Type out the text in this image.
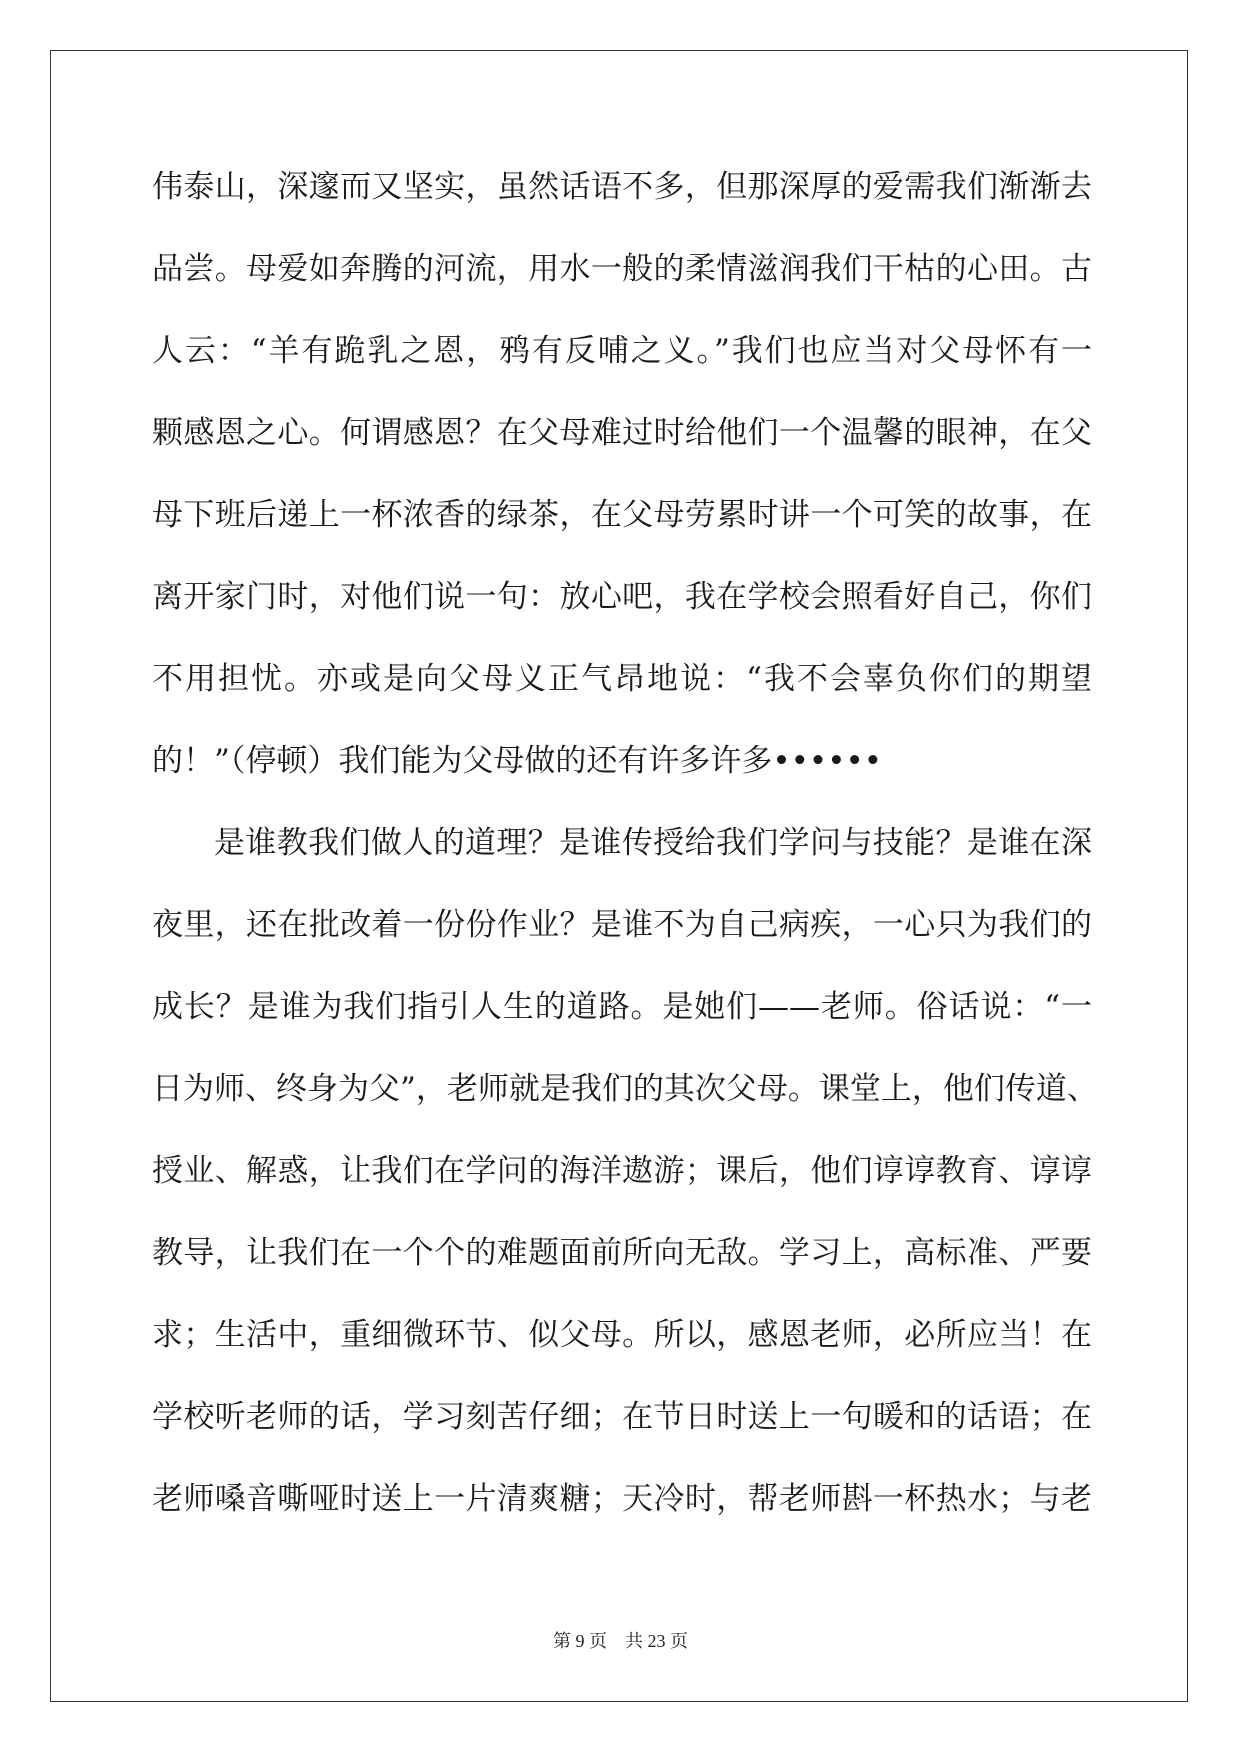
伟泰山，深邃而又坚实，虽然话语不多，但那深厚的爱需我们渐渐去
品尝。母爱如奔腾的河流，用水一般的柔情滋润我们干枯的心田。古
人云：“羊有跪乳之恩，鸦有反哺之义。”我们也应当对父母怀有一
颗感恩之心。何谓感恩？在父母难过时给他们一个温馨的眼神，在父
母下班后递上一杯浓香的绿茶，在父母劳累时讲一个可笑的故事，在
离开家门时，对他们说一句：放心吧，我在学校会照看好自己，你们
不用担忧。亦或是向父母义正气昂地说：“我不会辜负你们的期望
的！”（停顿）我们能为父母做的还有许多许多••••••
是谁教我们做人的道理？是谁传授给我们学问与技能？是谁在深
夜里，还在批改着一份份作业？是谁不为自己病疾，一心只为我们的
成长？是谁为我们指引人生的道路。是她们——老师。俗话说：“一
日为师、终身为父”，老师就是我们的其次父母。课堂上，他们传道、
授业、解惑，让我们在学问的海洋遨游；课后，他们谆谆教育、谆谆
教导，让我们在一个个的难题面前所向无敌。学习上，高标准、严要
求；生活中，重细微环节、似父母。所以，感恩老师，必所应当！在
学校听老师的话，学习刻苦仔细；在节日时送上一句暖和的话语；在
老师嗓音嘶哑时送上一片清爽糖；天冷时，帮老师斟一杯热水；与老
第 9 页    共 23 页
